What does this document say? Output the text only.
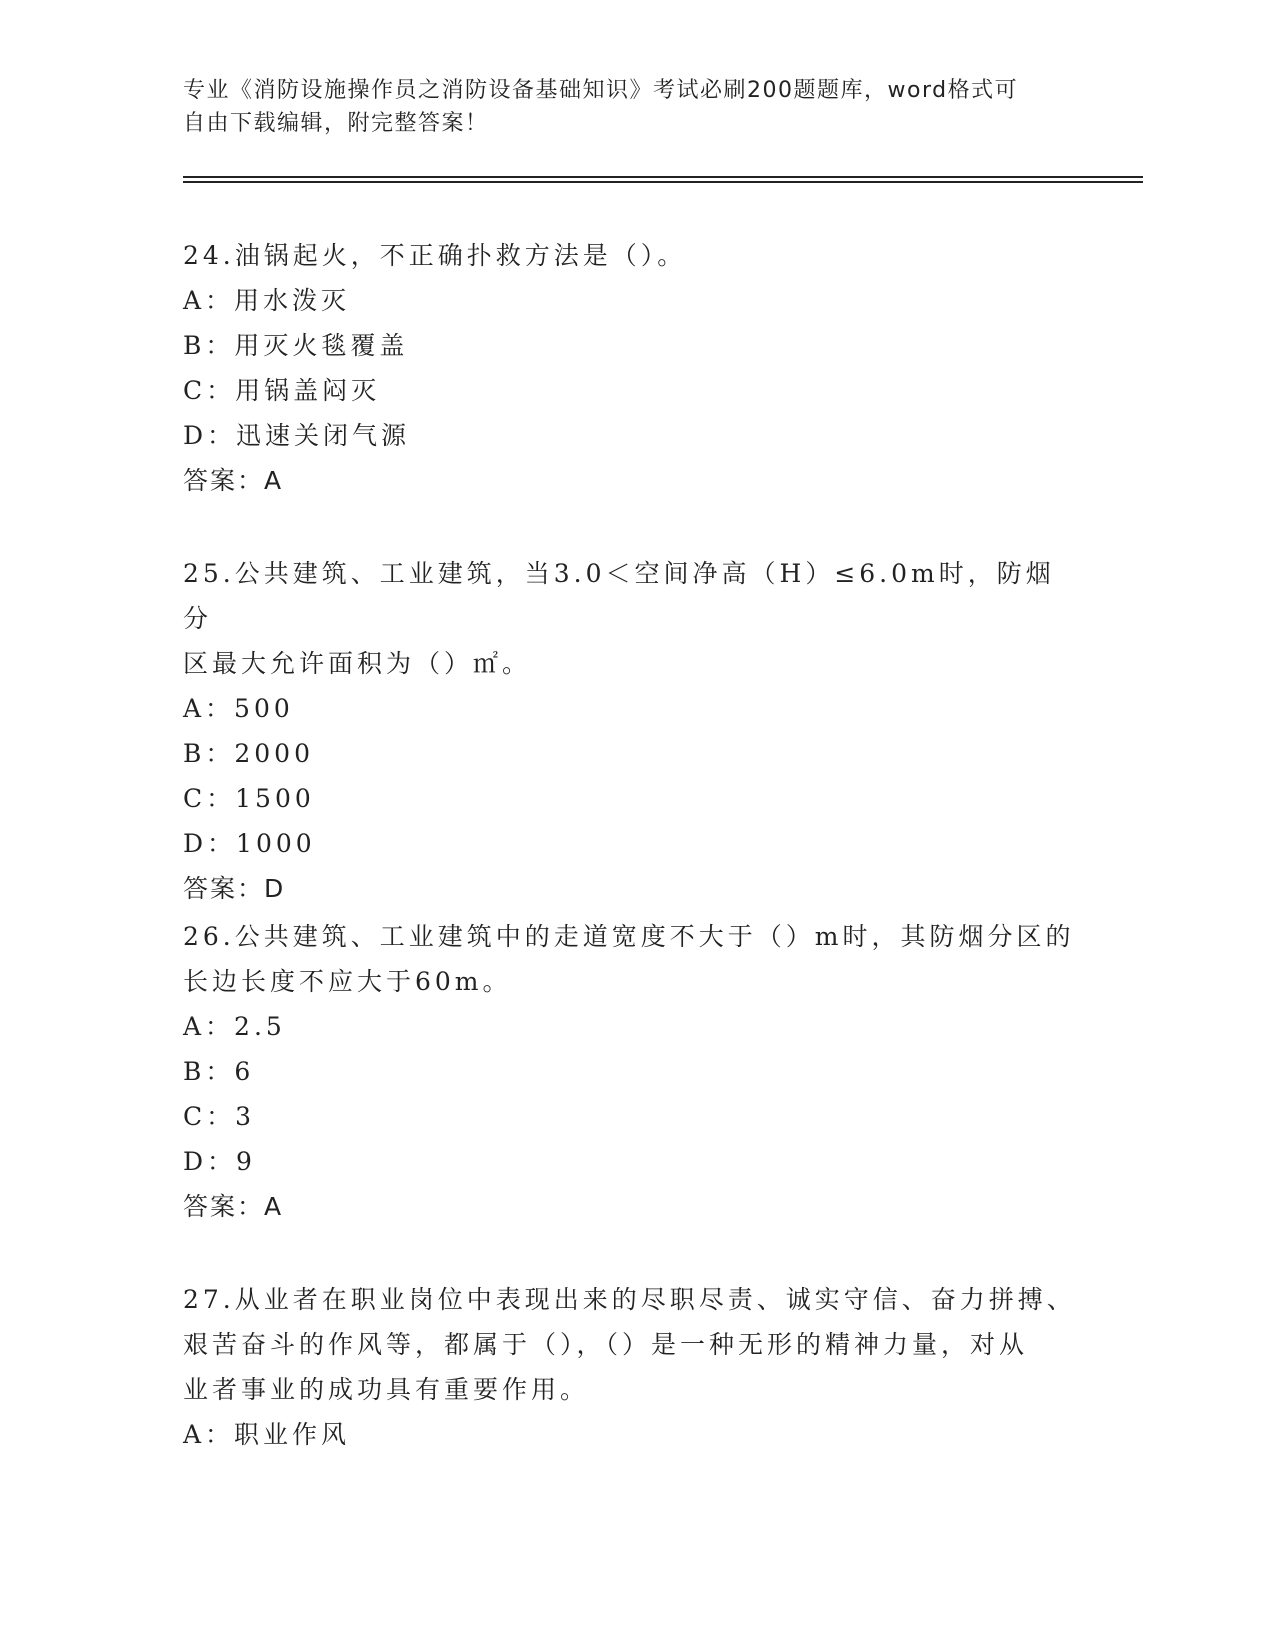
专业《消防设施操作员之消防设备基础知识》考试必刷200题题库，word格式可
自由下载编辑，附完整答案！

24.油锅起火，不正确扑救方法是（）。

A：用水泼灭

B：用灭火毯覆盖

C：用锅盖闷灭

D：迅速关闭气源

答案：A

25.公共建筑、工业建筑，当3.0＜空间净高（H）≤6.0m时，防烟分

区最大允许面积为（）㎡。

A：500

B：2000

C：1500

D：1000

答案：D

26.公共建筑、工业建筑中的走道宽度不大于（）m时，其防烟分区的

长边长度不应大于60m。

A：2.5

B：6

C：3

D：9

答案：A

27.从业者在职业岗位中表现出来的尽职尽责、诚实守信、奋力拼搏、

艰苦奋斗的作风等，都属于（），（）是一种无形的精神力量，对从

业者事业的成功具有重要作用。

A：职业作风
